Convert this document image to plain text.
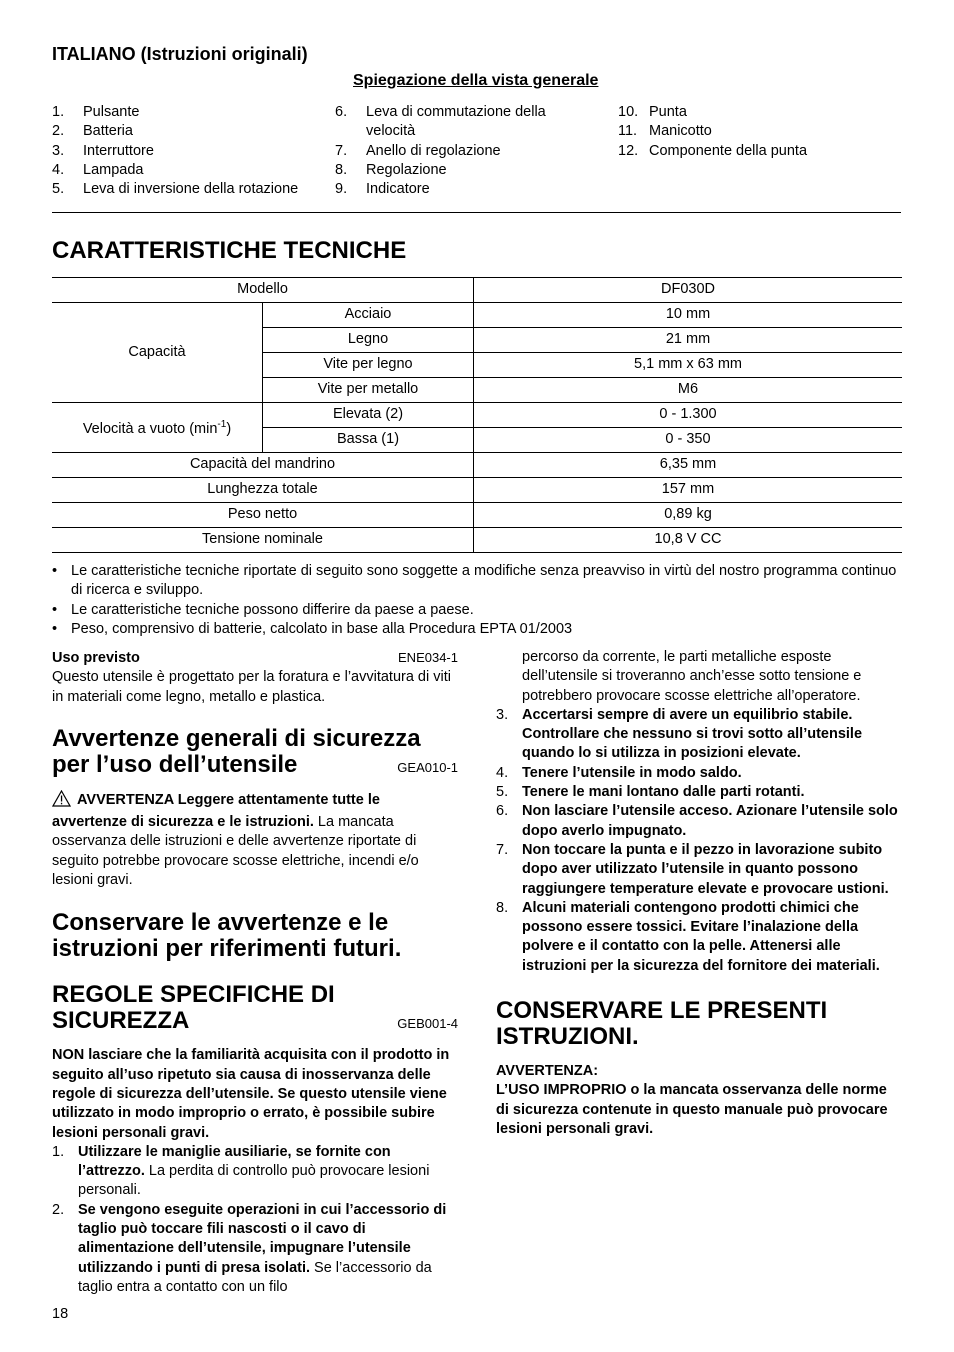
ITALIANO (Istruzioni originali)
Spiegazione della vista generale
1.	Pulsante
2.	Batteria
3.	Interruttore
4.	Lampada
5.	Leva di inversione della rotazione
6.	Leva di commutazione della velocità
7.	Anello di regolazione
8.	Regolazione
9.	Indicatore
10. Punta
11. Manicotto
12. Componente della punta
CARATTERISTICHE TECNICHE
Modello		DF030D
Capacità	Acciaio	10 mm
	Legno	21 mm
	Vite per legno	5,1 mm x 63 mm
	Vite per metallo	M6
Velocità a vuoto $(\min^{-1})$	Elevata (2)	0 - 1.300
	Bassa (1)	0 - 350
Capacità del mandrino		6,35 mm
Lunghezza totale		157 mm
Peso netto		0,89 kg
Tensione nominale		10,8 V CC
• Le caratteristiche tecniche riportate di seguito sono soggette a modifiche senza preavviso in virtù del nostro programma continuo di ricerca e sviluppo.
• Le caratteristiche tecniche possono differire da paese a paese.
• Peso, comprensivo di batterie, calcolato in base alla Procedura EPTA 01/2003
Uso previsto	ENE034-1

Questo utensile è progettato per la foratura e l’avvitatura di viti in materiali come legno, metallo e plastica.

Avvertenze generali di sicurezza
per l’uso dell’utensile	GEA010-1

AVVERTENZA Leggere attentamente tutte le avvertenze di sicurezza e le istruzioni. La mancata osservanza delle istruzioni e delle avvertenze riportate di seguito potrebbe provocare scosse elettriche, incendi e/o lesioni gravi.

Conservare le avvertenze e le
istruzioni per riferimenti futuri.
REGOLE SPECIFICHE DI
SICUREZZA	GEB001-4

NON lasciare che la familiarità acquisita con il prodotto in seguito all’uso ripetuto sia causa di inosservanza delle regole di sicurezza dell’utensile. Se questo utensile viene utilizzato in modo improprio o errato, è possibile subire lesioni personali gravi.

1. Utilizzare le maniglie ausiliarie, se fornite con l’attrezzo. La perdita di controllo può provocare lesioni personali.
2. Se vengono eseguite operazioni in cui l’accessorio di taglio può toccare fili nascosti o il cavo di alimentazione dell’utensile, impugnare l’utensile utilizzando i punti di presa isolati. Se l’accessorio da taglio entra a contatto con un filo

percorso da corrente, le parti metalliche esposte dell’utensile si troveranno anch’esse sotto tensione e potrebbero provocare scosse elettriche all’operatore.

3. Accertarsi sempre di avere un equilibrio stabile. Controllare che nessuno si trovi sotto all’utensile quando lo si utilizza in posizioni elevate.
4. Tenere l’utensile in modo saldo.
5. Tenere le mani lontano dalle parti rotanti.
6. Non lasciare l’utensile acceso. Azionare l’utensile solo dopo averlo impugnato.
7. Non toccare la punta e il pezzo in lavorazione subito dopo aver utilizzato l’utensile in quanto possono raggiungere temperature elevate e provocare ustioni.
8. Alcuni materiali contengono prodotti chimici che possono essere tossici. Evitare l’inalazione della polvere e il contatto con la pelle. Attenersi alle istruzioni per la sicurezza del fornitore dei materiali.
CONSERVARE LE PRESENTI
ISTRUZIONI.
AVVERTENZA:
L’USO IMPROPRIO o la mancata osservanza delle norme di sicurezza contenute in questo manuale può provocare lesioni personali gravi.
18
